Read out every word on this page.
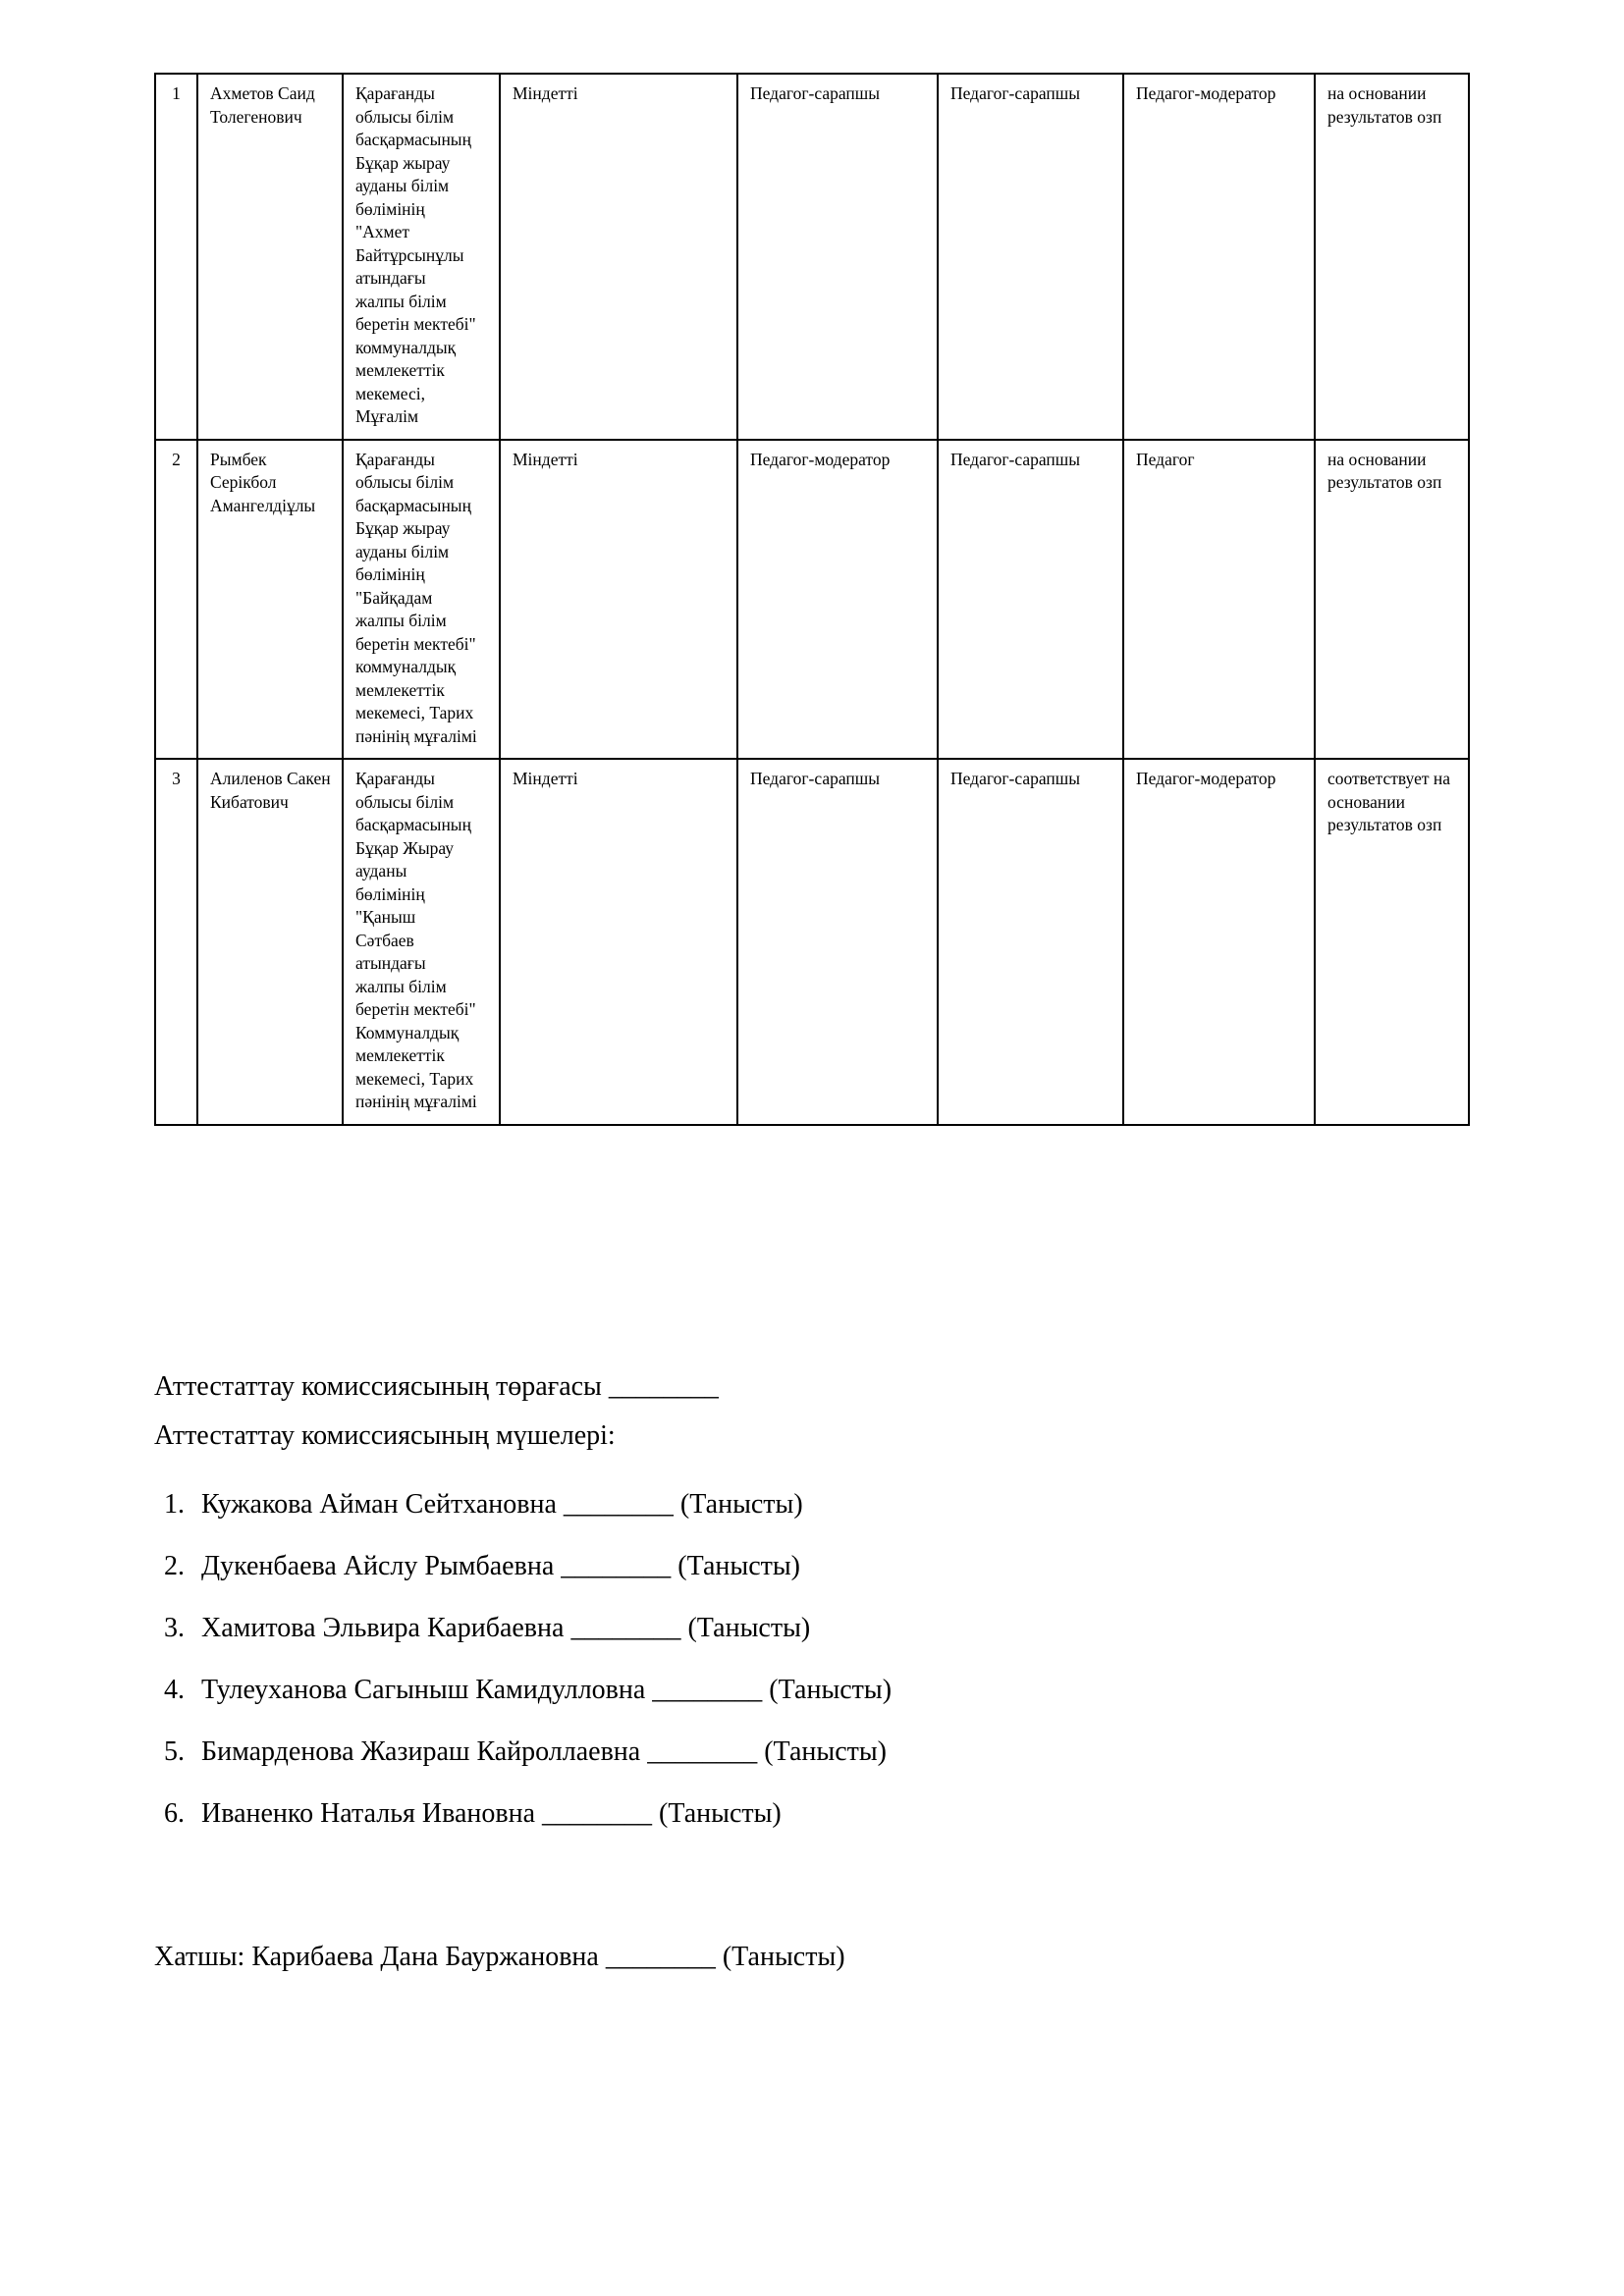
1	Ахметов Саид Толегенович	Қарағанды облысы білім басқармасының Бұқар жырау ауданы білім бөлімінің "Ахмет Байтұрсынұлы атындағы жалпы білім беретін мектебі" коммуналдық мемлекеттік мекемесі, Мұғалім	Міндетті	Педагог-сарапшы	Педагог-сарапшы	Педагог-модератор	на основании результатов озп
2	Рымбек Серікбол Амангелдіұлы	Қарағанды облысы білім басқармасының Бұқар жырау ауданы білім бөлімінің "Байқадам жалпы білім беретін мектебі" коммуналдық мемлекеттік мекемесі, Тарих пәнінің мұғалімі	Міндетті	Педагог-модератор	Педагог-сарапшы	Педагог	на основании результатов озп
3	Алиленов Сакен Кибатович	Қарағанды облысы білім басқармасының Бұқар Жырау ауданы бөлімінің "Қаныш Сәтбаев атындағы жалпы білім беретін мектебі" Коммуналдық мемлекеттік мекемесі, Тарих пәнінің мұғалімі	Міндетті	Педагог-сарапшы	Педагог-сарапшы	Педагог-модератор	соответствует на основании результатов озп

Аттестаттау комиссиясының төрағасы ________

Аттестаттау комиссиясының мүшелері:

1. Кужакова Айман Сейтхановна ________ (Танысты)
2. Дукенбаева Айслу Рымбаевна ________ (Танысты)
3. Хамитова Эльвира Карибаевна ________ (Танысты)
4. Тулеуханова Сагыныш Камидулловна ________ (Танысты)
5. Бимарденова Жазираш Кайроллаевна ________ (Танысты)
6. Иваненко Наталья Ивановна ________ (Танысты)

Хатшы: Карибаева Дана Бауржановна ________ (Танысты)
